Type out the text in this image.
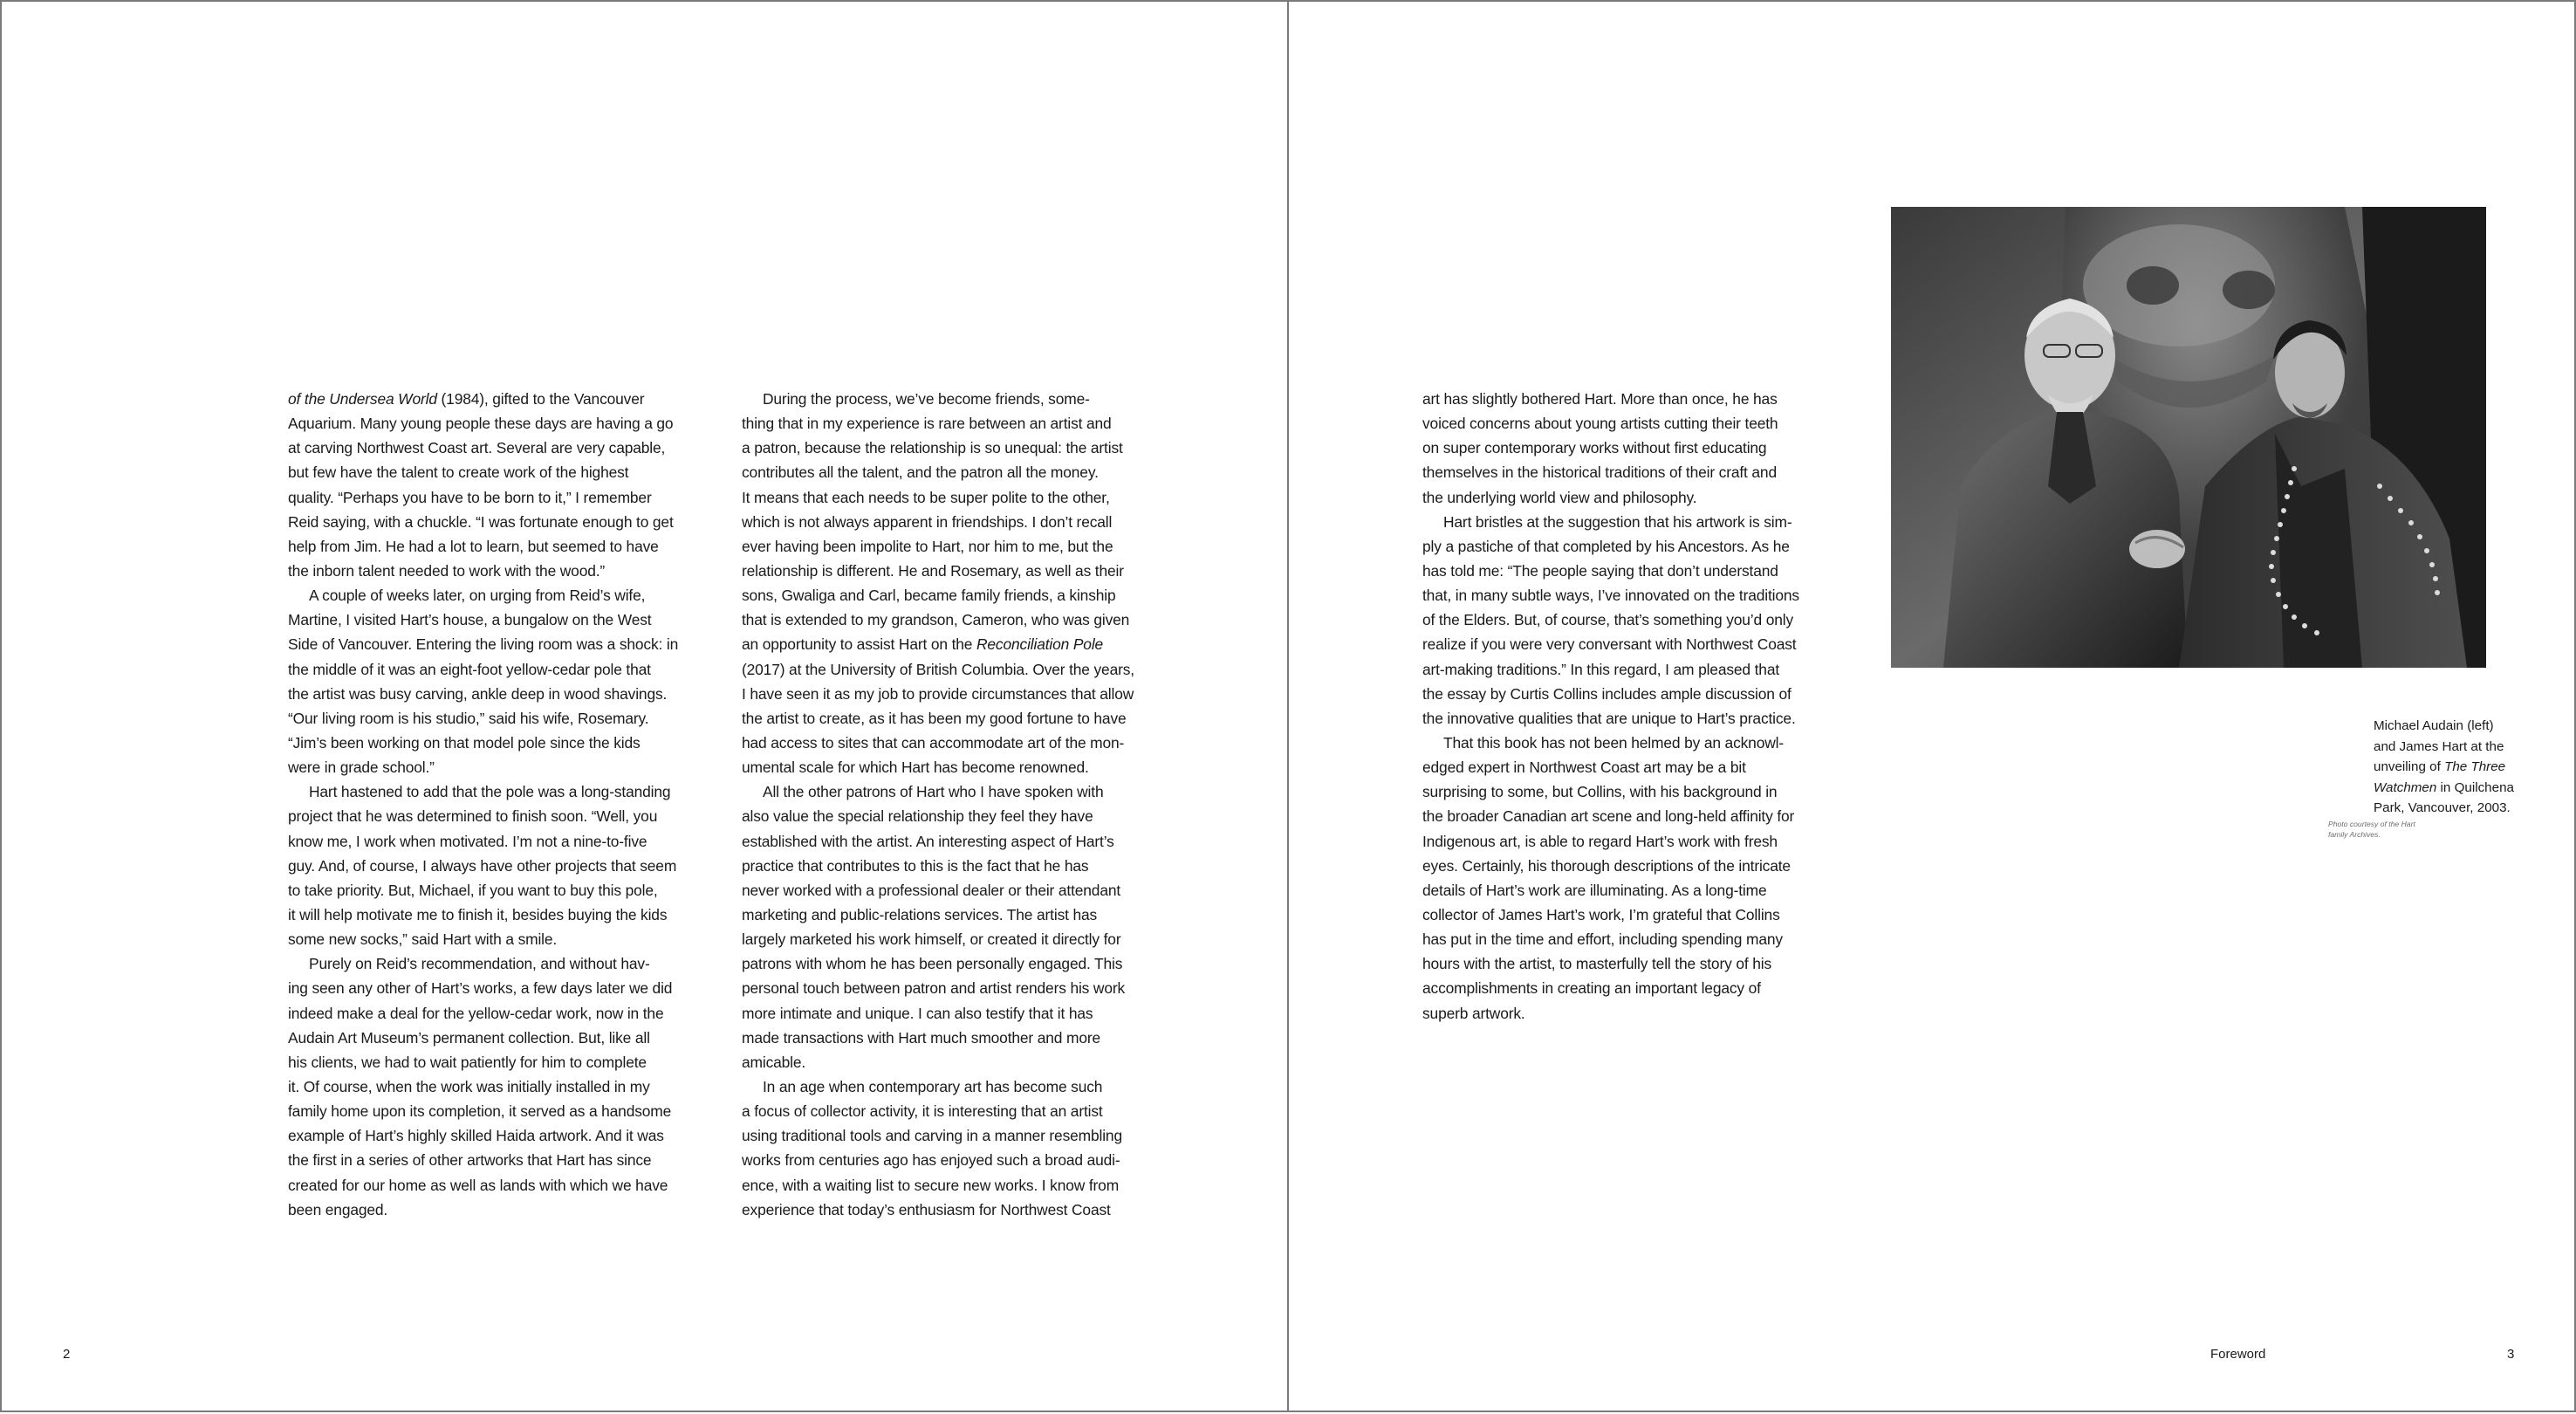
2	3
Foreword
of the Undersea World (1984), gifted to the Vancouver
Aquarium. Many young people these days are having a go
at carving Northwest Coast art. Several are very capable,
but few have the talent to create work of the highest
quality. “Perhaps you have to be born to it,” I remember
Reid saying, with a chuckle. “I was fortunate enough to get
help from Jim. He had a lot to learn, but seemed to have
the inborn talent needed to work with the wood.”
A couple of weeks later, on urging from Reid’s wife,
Martine, I visited Hart’s house, a bungalow on the West
Side of Vancouver. Entering the living room was a shock: in
the middle of it was an eight-foot yellow-cedar pole that
the artist was busy carving, ankle deep in wood shavings.
“Our living room is his studio,” said his wife, Rosemary.
“Jim’s been working on that model pole since the kids
were in grade school.”
Hart hastened to add that the pole was a long-standing
project that he was determined to finish soon. “Well, you
know me, I work when motivated. I’m not a nine-to-five
guy. And, of course, I always have other projects that seem
to take priority. But, Michael, if you want to buy this pole,
it will help motivate me to finish it, besides buying the kids
some new socks,” said Hart with a smile.
Purely on Reid’s recommendation, and without hav-
ing seen any other of Hart’s works, a few days later we did
indeed make a deal for the yellow-cedar work, now in the
Audain Art Museum’s permanent collection. But, like all
his clients, we had to wait patiently for him to complete
it. Of course, when the work was initially installed in my
family home upon its completion, it served as a handsome
example of Hart’s highly skilled Haida artwork. And it was
the first in a series of other artworks that Hart has since
created for our home as well as lands with which we have
been engaged.
During the process, we’ve become friends, some-
thing that in my experience is rare between an artist and
a patron, because the relationship is so unequal: the artist
contributes all the talent, and the patron all the money.
It means that each needs to be super polite to the other,
which is not always apparent in friendships. I don’t recall
ever having been impolite to Hart, nor him to me, but the
relationship is different. He and Rosemary, as well as their
sons, Gwaliga and Carl, became family friends, a kinship
that is extended to my grandson, Cameron, who was given
an opportunity to assist Hart on the Reconciliation Pole
(2017) at the University of British Columbia. Over the years,
I have seen it as my job to provide circumstances that allow
the artist to create, as it has been my good fortune to have
had access to sites that can accommodate art of the mon-
umental scale for which Hart has become renowned.
All the other patrons of Hart who I have spoken with
also value the special relationship they feel they have
established with the artist. An interesting aspect of Hart’s
practice that contributes to this is the fact that he has
never worked with a professional dealer or their attendant
marketing and public-relations services. The artist has
largely marketed his work himself, or created it directly for
patrons with whom he has been personally engaged. This
personal touch between patron and artist renders his work
more intimate and unique. I can also testify that it has
made transactions with Hart much smoother and more
amicable.
In an age when contemporary art has become such
a focus of collector activity, it is interesting that an artist
using traditional tools and carving in a manner resembling
works from centuries ago has enjoyed such a broad audi-
ence, with a waiting list to secure new works. I know from
experience that today’s enthusiasm for Northwest Coast
art has slightly bothered Hart. More than once, he has
voiced concerns about young artists cutting their teeth
on super contemporary works without first educating
themselves in the historical traditions of their craft and
the underlying world view and philosophy.
Hart bristles at the suggestion that his artwork is sim-
ply a pastiche of that completed by his Ancestors. As he
has told me: “The people saying that don’t understand
that, in many subtle ways, I’ve innovated on the traditions
of the Elders. But, of course, that’s something you’d only
realize if you were very conversant with Northwest Coast
art-making traditions.” In this regard, I am pleased that
the essay by Curtis Collins includes ample discussion of
the innovative qualities that are unique to Hart’s practice.
That this book has not been helmed by an acknowl-
edged expert in Northwest Coast art may be a bit
surprising to some, but Collins, with his background in
the broader Canadian art scene and long-held affinity for
Indigenous art, is able to regard Hart’s work with fresh
eyes. Certainly, his thorough descriptions of the intricate
details of Hart’s work are illuminating. As a long-time
collector of James Hart’s work, I’m grateful that Collins
has put in the time and effort, including spending many
hours with the artist, to masterfully tell the story of his
accomplishments in creating an important legacy of
superb artwork.
Michael Audain (left)
and James Hart at the
unveiling of The Three
Watchmen in Quilchena
Park, Vancouver, 2003.
Photo courtesy of the Hart
family Archives.
